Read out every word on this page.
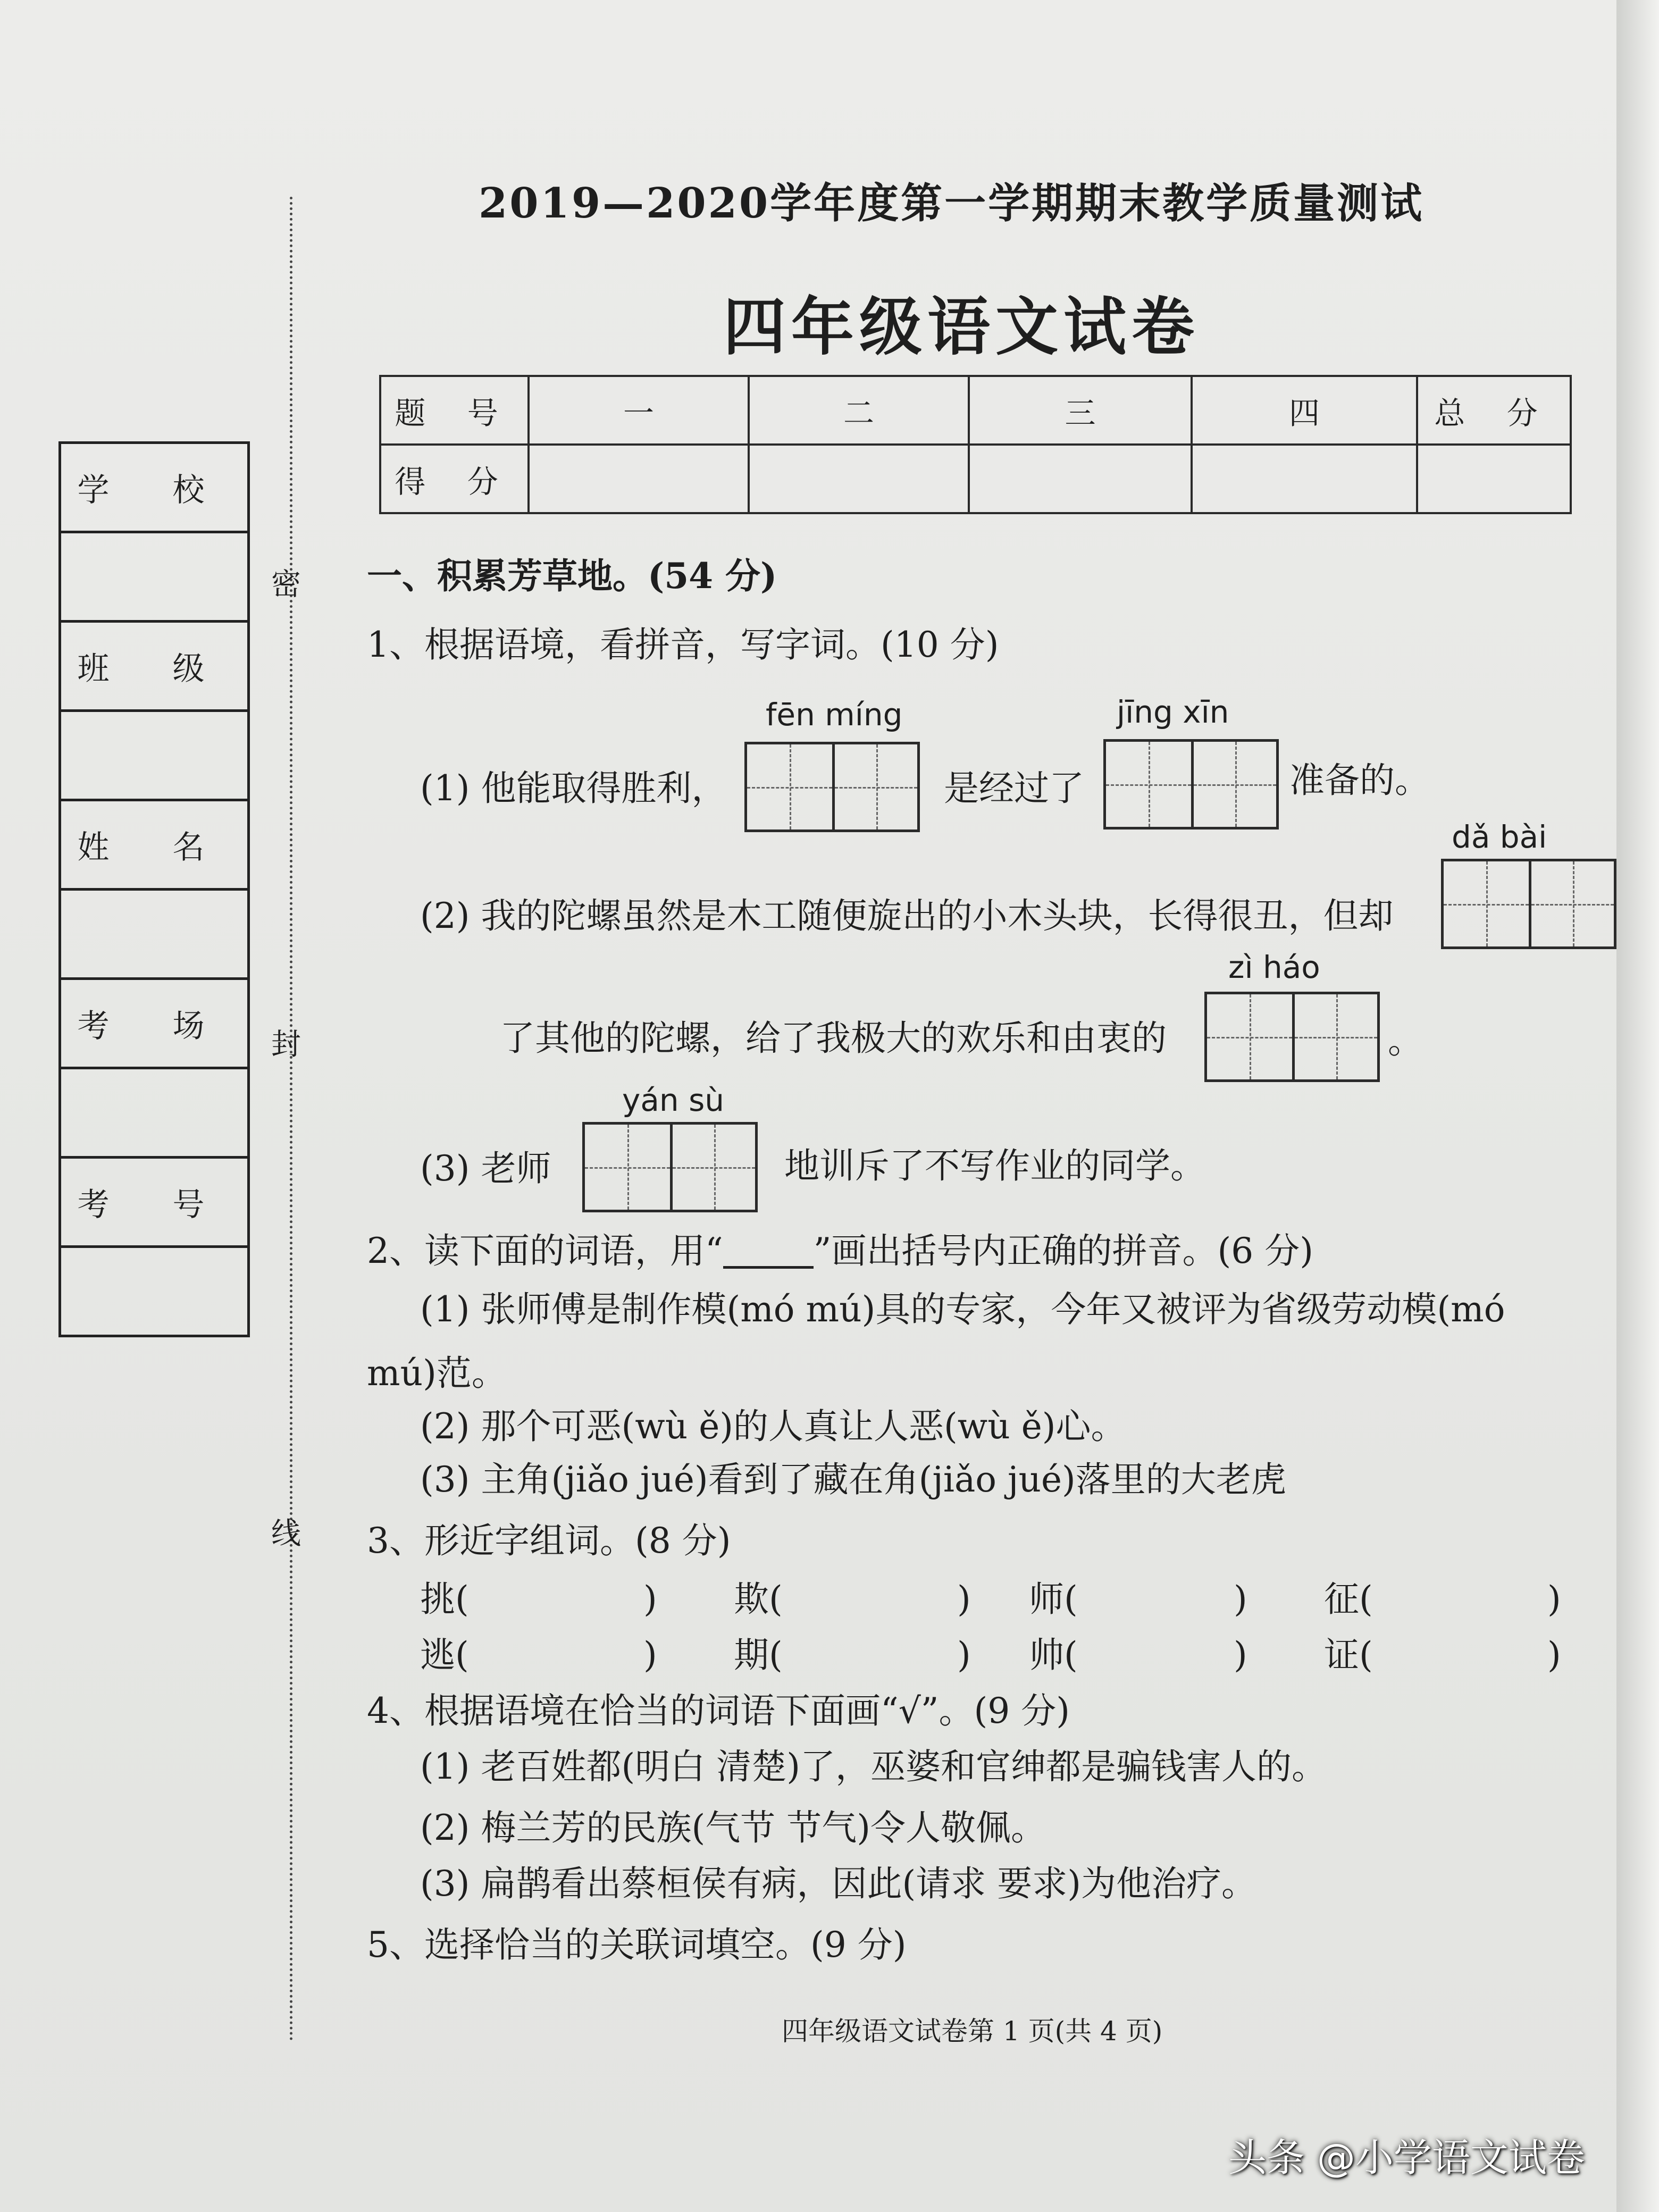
2019—2020学年度第一学期期末教学质量测试
四年级语文试卷
题 号	一	二	三	四	总 分
得 分					
学 校

班 级

姓 名

考 场

考 号

密
封
线
一、积累芳草地。(54 分)
1、根据语境，看拼音，写字词。(10 分)
fēn míng
(1) 他能取得胜利，	是经过了
jīng xīn
准备的。
dǎ bài
(2) 我的陀螺虽然是木工随便旋出的小木头块，长得很丑，但却
zì háo
了其他的陀螺，给了我极大的欢乐和由衷的	。
yán sù
(3) 老师	地训斥了不写作业的同学。
2、读下面的词语，用“	”画出括号内正确的拼音。(6 分)
(1) 张师傅是制作模(mó mú)具的专家，今年又被评为省级劳动模(mó
mú)范。
(2) 那个可恶(wù ě)的人真让人恶(wù ě)心。
(3) 主角(jiǎo jué)看到了藏在角(jiǎo jué)落里的大老虎
3、形近字组词。(8 分)
挑(	) 欺(	) 师(	) 征(	)
逃(	) 期(	) 帅(	) 证(	)
4、根据语境在恰当的词语下面画“√”。(9 分)
(1) 老百姓都(明白 清楚)了，巫婆和官绅都是骗钱害人的。
(2) 梅兰芳的民族(气节 节气)令人敬佩。
(3) 扁鹊看出蔡桓侯有病，因此(请求 要求)为他治疗。
5、选择恰当的关联词填空。(9 分)
四年级语文试卷第 1 页(共 4 页)
头条 @小学语文试卷
